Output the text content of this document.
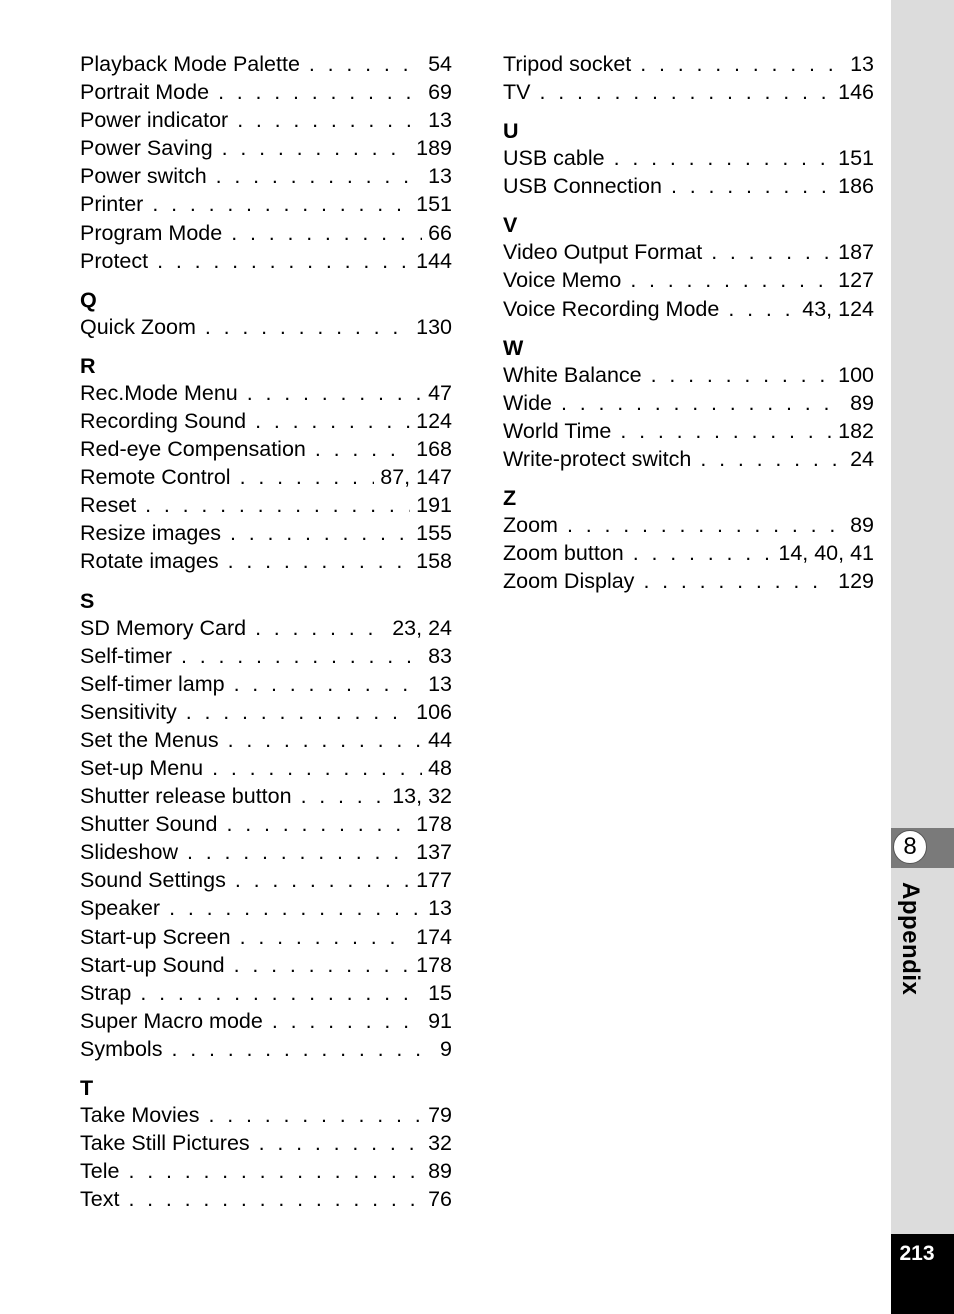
Playback Mode Palette . . .	54
Portrait Mode . . .	69
Power indicator . . .	13
Power Saving . . .	189
Power switch . . .	13
Printer . . .	151
Program Mode . . .	66
Protect . . .	144
Q
Quick Zoom . . .	130
R
Rec.Mode Menu . . .	47
Recording Sound . . .	124
Red-eye Compensation . . .	168
Remote Control . . .	87, 147
Reset . . .	191
Resize images . . .	155
Rotate images . . .	158
S
SD Memory Card . . .	23, 24
Self-timer . . .	83
Self-timer lamp . . .	13
Sensitivity . . .	106
Set the Menus . . .	44
Set-up Menu . . .	48
Shutter release button . . .	13, 32
Shutter Sound . . .	178
Slideshow . . .	137
Sound Settings . . .	177
Speaker . . .	13
Start-up Screen . . .	174
Start-up Sound . . .	178
Strap . . .	15
Super Macro mode . . .	91
Symbols . . .	9
T
Take Movies . . .	79
Take Still Pictures . . .	32
Tele . . .	89
Text . . .	76
Tripod socket . . .	13
TV . . .	146
U
USB cable . . .	151
USB Connection . . .	186
V
Video Output Format . . .	187
Voice Memo . . .	127
Voice Recording Mode . . .	43, 124
W
White Balance . . .	100
Wide . . .	89
World Time . . .	182
Write-protect switch . . .	24
Z
Zoom . . .	89
Zoom button . . .	14, 40, 41
Zoom Display . . .	129
8
Appendix
213
